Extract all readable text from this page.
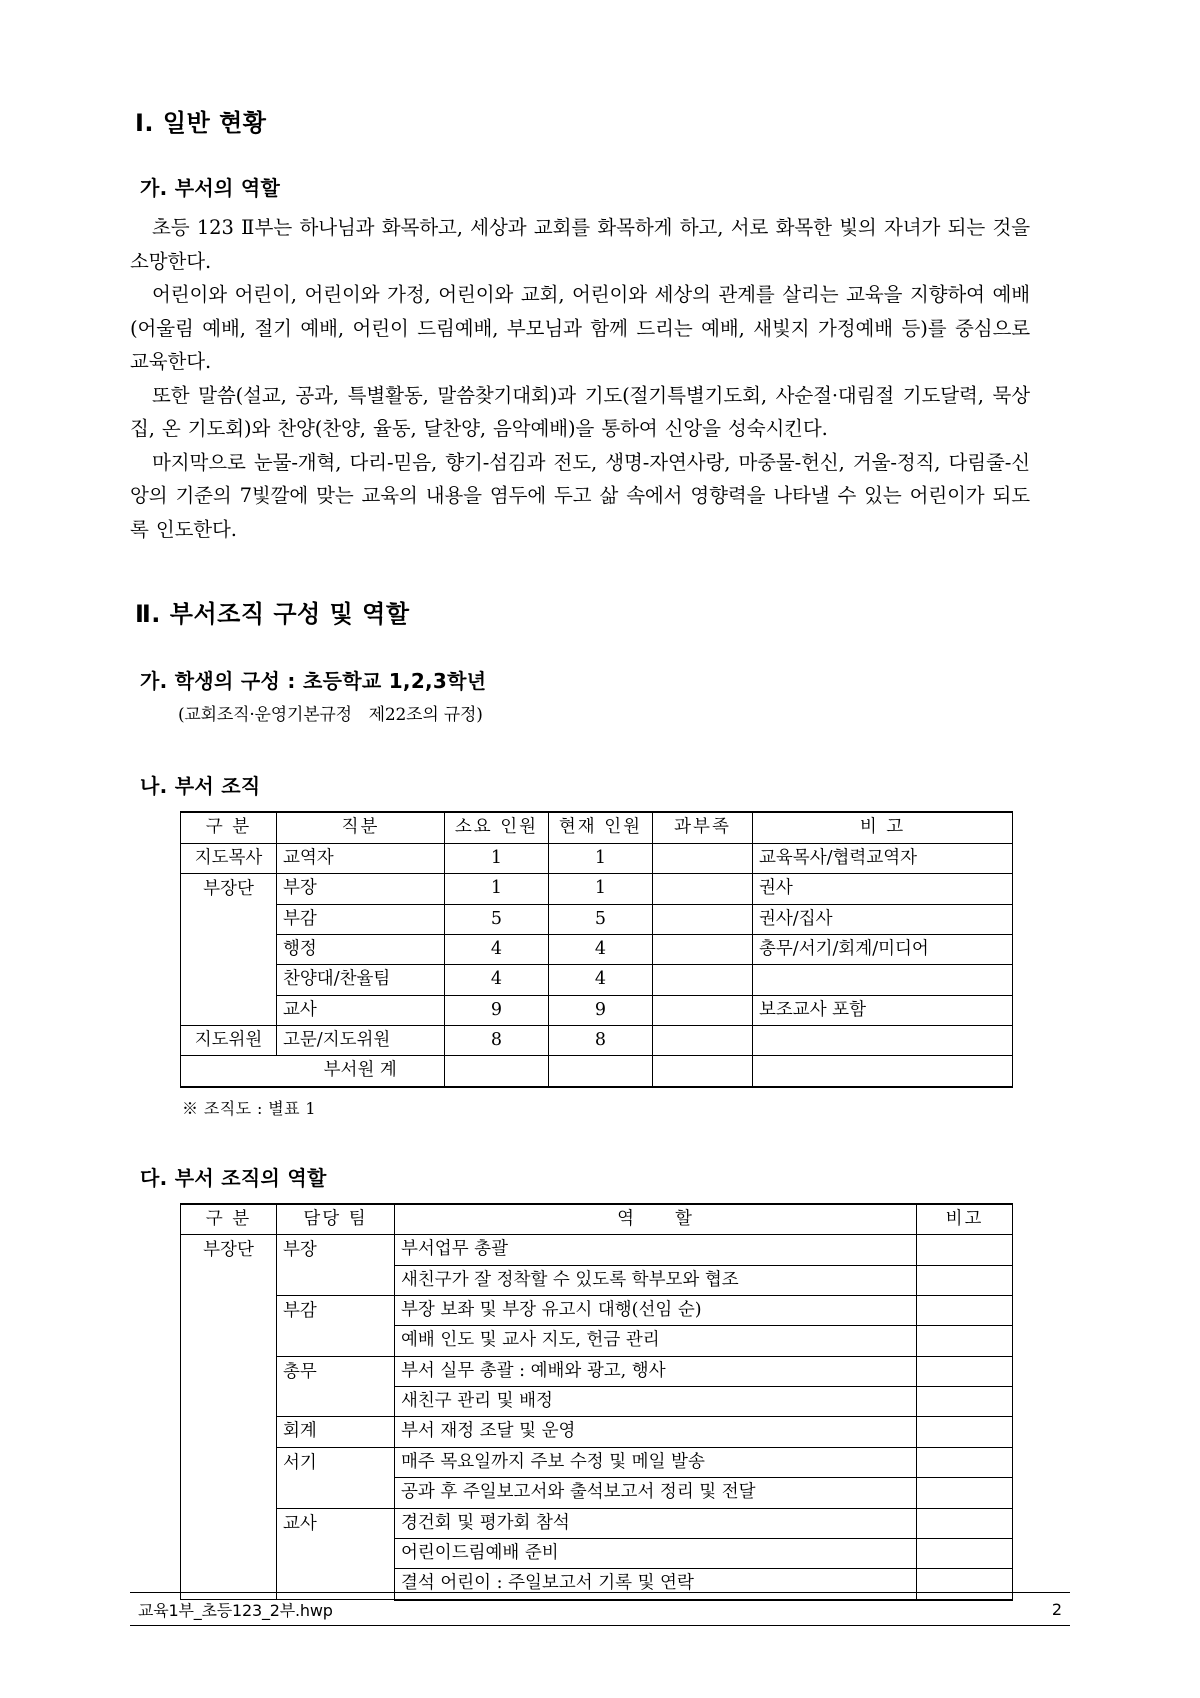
Ⅰ. 일반 현황
가. 부서의 역할

초등 123 Ⅱ부는 하나님과 화목하고, 세상과 교회를 화목하게 하고, 서로 화목한 빛의 자녀가 되는 것을 소망한다.

어린이와 어린이, 어린이와 가정, 어린이와 교회, 어린이와 세상의 관계를 살리는 교육을 지향하여 예배(어울림 예배, 절기 예배, 어린이 드림예배, 부모님과 함께 드리는 예배, 새빛지 가정예배 등)를 중심으로 교육한다.

또한 말씀(설교, 공과, 특별활동, 말씀찾기대회)과 기도(절기특별기도회, 사순절·대림절 기도달력, 묵상집, 온 기도회)와 찬양(찬양, 율동, 달찬양, 음악예배)을 통하여 신앙을 성숙시킨다.

마지막으로 눈물-개혁, 다리-믿음, 향기-섬김과 전도, 생명-자연사랑, 마중물-헌신, 거울-정직, 다림줄-신앙의 기준의 7빛깔에 맞는 교육의 내용을 염두에 두고 삶 속에서 영향력을 나타낼 수 있는 어린이가 되도록 인도한다.

Ⅱ. 부서조직 구성 및 역할
가. 학생의 구성 : 초등학교 1,2,3학년
(교회조직·운영기본규정　제22조의 규정)
나. 부서 조직
구 분	직분	소요 인원	현재 인원	과부족	비 고
지도목사	교역자	1	1		교육목사/협력교역자
부장단	부장	1	1		권사
	부감	5	5		권사/집사
	행정	4	4		총무/서기/회계/미디어
	찬양대/찬율팀	4	4		
	교사	9	9		보조교사 포함
지도위원	고문/지도위원	8	8		
	부서원 계				
※ 조직도 : 별표 1
다. 부서 조직의 역할
구 분	담당 팀	역　　할	비고
부장단	부장	부서업무 총괄	
		새친구가 잘 정착할 수 있도록 학부모와 협조	
	부감	부장 보좌 및 부장 유고시 대행(선임 순)	
		예배 인도 및 교사 지도, 헌금 관리	
	총무	부서 실무 총괄 : 예배와 광고, 행사	
		새친구 관리 및 배정	
	회계	부서 재정 조달 및 운영	
	서기	매주 목요일까지 주보 수정 및 메일 발송	
		공과 후 주일보고서와 출석보고서 정리 및 전달	
	교사	경건회 및 평가회 참석	
		어린이드림예배 준비	
		결석 어린이 : 주일보고서 기록 및 연락	
교육1부_초등123_2부.hwp	2
